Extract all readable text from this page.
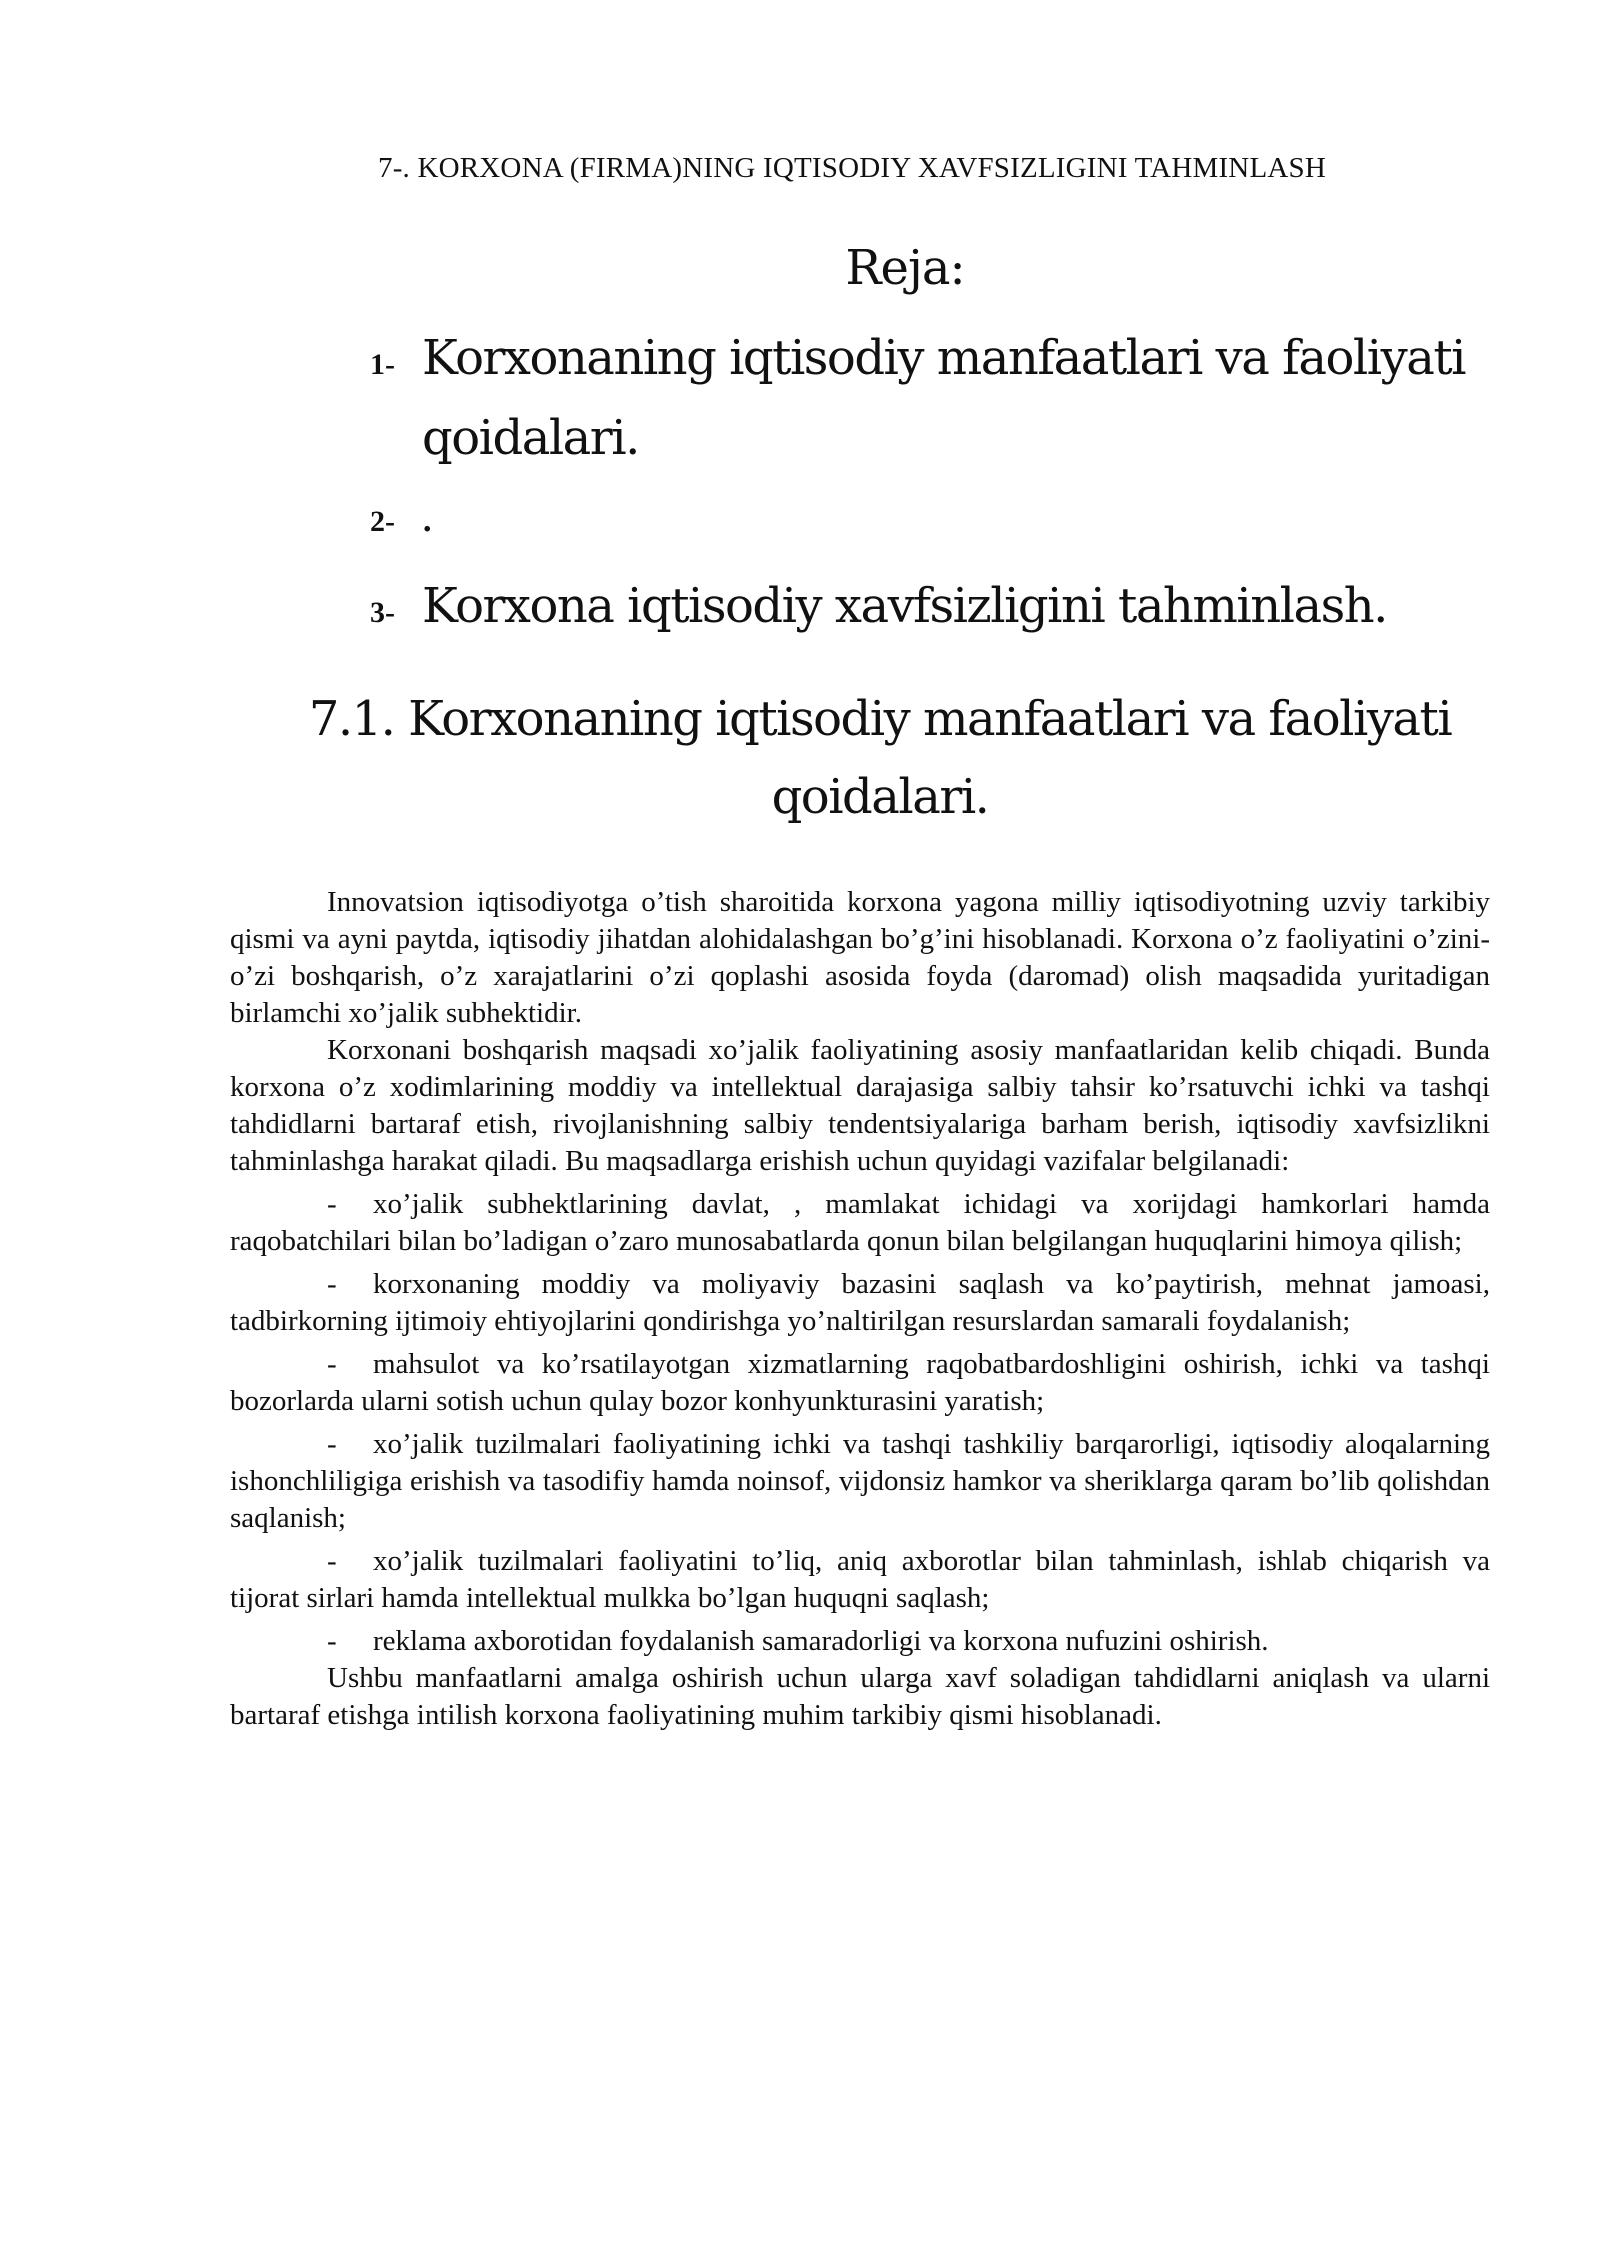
7-. KORXONA (FIRMA)NING IQTISODIY XAVFSIZLIGINI TAHMINLASH
Reja:
1- Korxonaning iqtisodiy manfaatlari va faoliyati qoidalari.
2- .
3- Korxona iqtisodiy xavfsizligini tahminlash.
7.1. Korxonaning iqtisodiy manfaatlari va faoliyati qoidalari.

Innovatsion iqtisodiyotga o’tish sharoitida korxona yagona milliy iqtisodiyotning uzviy tarkibiy qismi va ayni paytda, iqtisodiy jihatdan alohidalashgan bo’g’ini hisoblanadi. Korxona o’z faoliyatini o’zini-o’zi boshqarish, o’z xarajatlarini o’zi qoplashi asosida foyda (daromad) olish maqsadida yuritadigan birlamchi xo’jalik subhektidir.

Korxonani boshqarish maqsadi xo’jalik faoliyatining asosiy manfaatlaridan kelib chiqadi. Bunda korxona o’z xodimlarining moddiy va intellektual darajasiga salbiy tahsir ko’rsatuvchi ichki va tashqi tahdidlarni bartaraf etish, rivojlanishning salbiy tendentsiyalariga barham berish, iqtisodiy xavfsizlikni tahminlashga harakat qiladi. Bu maqsadlarga erishish uchun quyidagi vazifalar belgilanadi:

- xo’jalik subhektlarining davlat, , mamlakat ichidagi va xorijdagi hamkorlari hamda raqobatchilari bilan bo’ladigan o’zaro munosabatlarda qonun bilan belgilangan huquqlarini himoya qilish;

- korxonaning moddiy va moliyaviy bazasini saqlash va ko’paytirish, mehnat jamoasi, tadbirkorning ijtimoiy ehtiyojlarini qondirishga yo’naltirilgan resurslardan samarali foydalanish;

- mahsulot va ko’rsatilayotgan xizmatlarning raqobatbardoshligini oshirish, ichki va tashqi bozorlarda ularni sotish uchun qulay bozor konhyunkturasini yaratish;

- xo’jalik tuzilmalari faoliyatining ichki va tashqi tashkiliy barqarorligi, iqtisodiy aloqalarning ishonchliligiga erishish va tasodifiy hamda noinsof, vijdonsiz hamkor va sheriklarga qaram bo’lib qolishdan saqlanish;

- xo’jalik tuzilmalari faoliyatini to’liq, aniq axborotlar bilan tahminlash, ishlab chiqarish va tijorat sirlari hamda intellektual mulkka bo’lgan huquqni saqlash;

- reklama axborotidan foydalanish samaradorligi va korxona nufuzini oshirish.

Ushbu manfaatlarni amalga oshirish uchun ularga xavf soladigan tahdidlarni aniqlash va ularni bartaraf etishga intilish korxona faoliyatining muhim tarkibiy qismi hisoblanadi.
